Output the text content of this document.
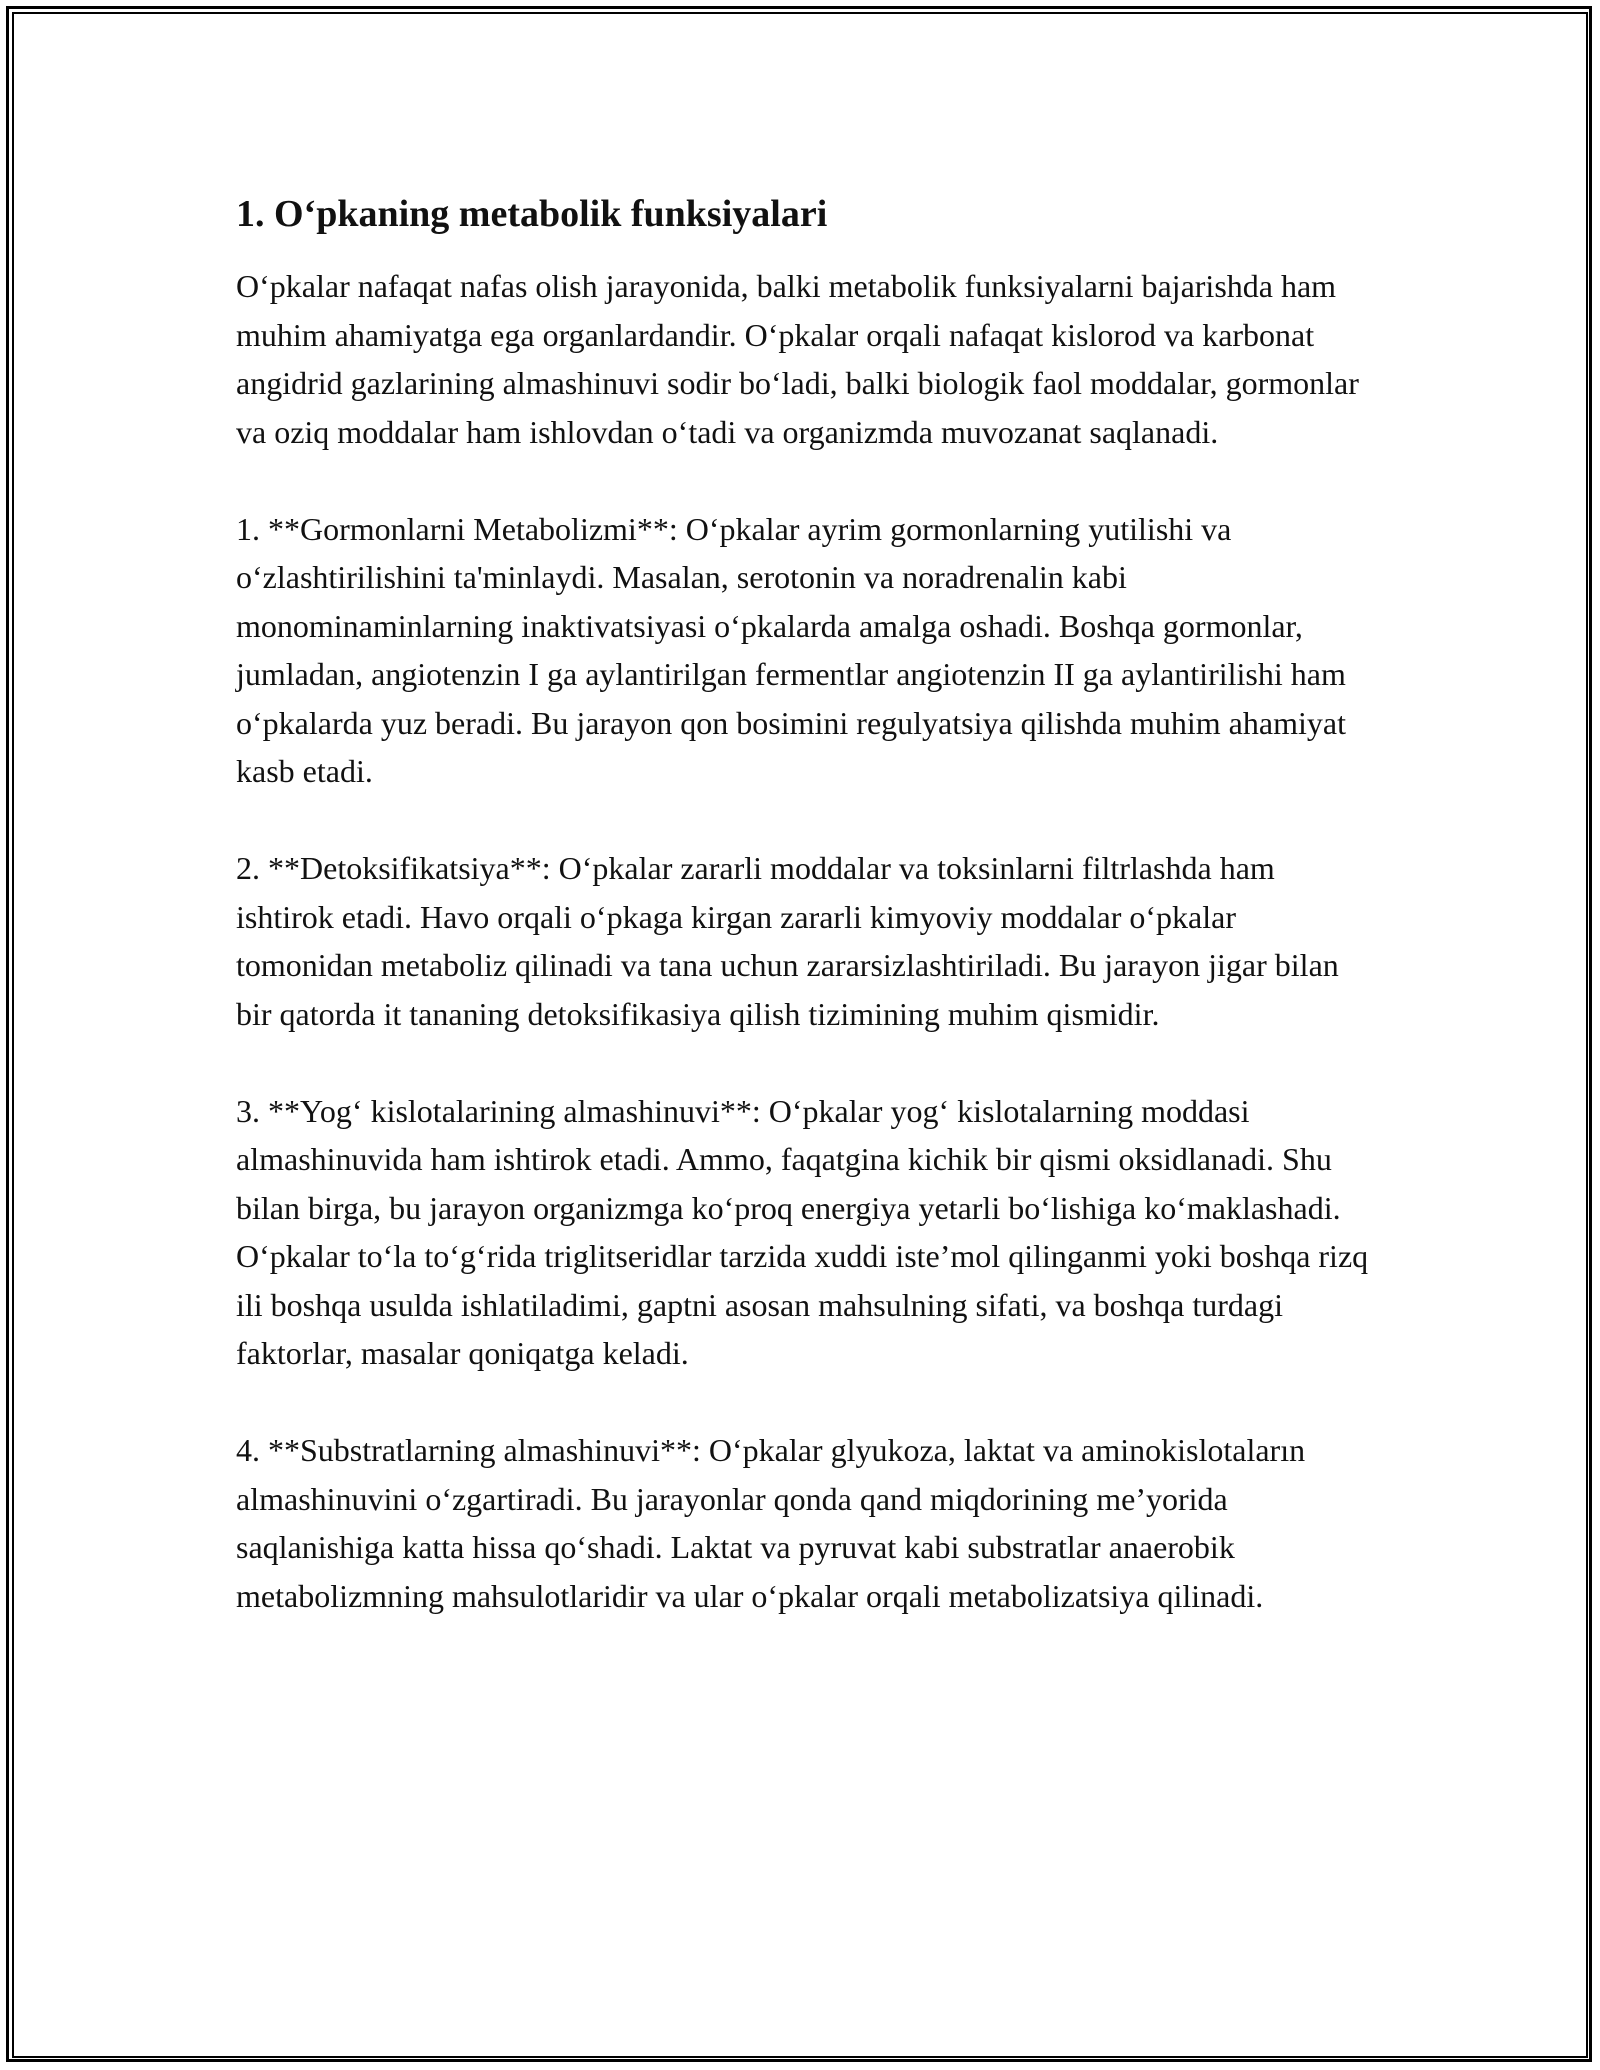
1. O‘pkaning metabolik funksiyalari

O‘pkalar nafaqat nafas olish jarayonida, balki metabolik funksiyalarni bajarishda ham muhim ahamiyatga ega organlardandir. O‘pkalar orqali nafaqat kislorod va karbonat angidrid gazlarining almashinuvi sodir bo‘ladi, balki biologik faol moddalar, gormonlar va oziq moddalar ham ishlovdan o‘tadi va organizmda muvozanat saqlanadi.

1. **Gormonlarni Metabolizmi**: O‘pkalar ayrim gormonlarning yutilishi va o‘zlashtirilishini ta'minlaydi. Masalan, serotonin va noradrenalin kabi monominaminlarning inaktivatsiyasi o‘pkalarda amalga oshadi. Boshqa gormonlar, jumladan, angiotenzin I ga aylantirilgan fermentlar angiotenzin II ga aylantirilishi ham o‘pkalarda yuz beradi. Bu jarayon qon bosimini regulyatsiya qilishda muhim ahamiyat kasb etadi.

2. **Detoksifikatsiya**: O‘pkalar zararli moddalar va toksinlarni filtrlashda ham ishtirok etadi. Havo orqali o‘pkaga kirgan zararli kimyoviy moddalar o‘pkalar tomonidan metaboliz qilinadi va tana uchun zararsizlashtiriladi. Bu jarayon jigar bilan bir qatorda it tananing detoksifikasiya qilish tizimining muhim qismidir.

3. **Yog‘ kislotalarining almashinuvi**: O‘pkalar yog‘ kislotalarning moddasi almashinuvida ham ishtirok etadi. Ammo, faqatgina kichik bir qismi oksidlanadi. Shu bilan birga, bu jarayon organizmga ko‘proq energiya yetarli bo‘lishiga ko‘maklashadi. O‘pkalar to‘la to‘g‘rida triglitseridlar tarzida xuddi iste’mol qilinganmi yoki boshqa rizq ili boshqa usulda ishlatiladimi, gaptni asosan mahsulning sifati, va boshqa turdagi faktorlar, masalar qoniqatga keladi.

4. **Substratlarning almashinuvi**: O‘pkalar glyukoza, laktat va aminokislotaların almashinuvini o‘zgartiradi. Bu jarayonlar qonda qand miqdorining me’yorida saqlanishiga katta hissa qo‘shadi. Laktat va pyruvat kabi substratlar anaerobik metabolizmning mahsulotlaridir va ular o‘pkalar orqali metabolizatsiya qilinadi.
